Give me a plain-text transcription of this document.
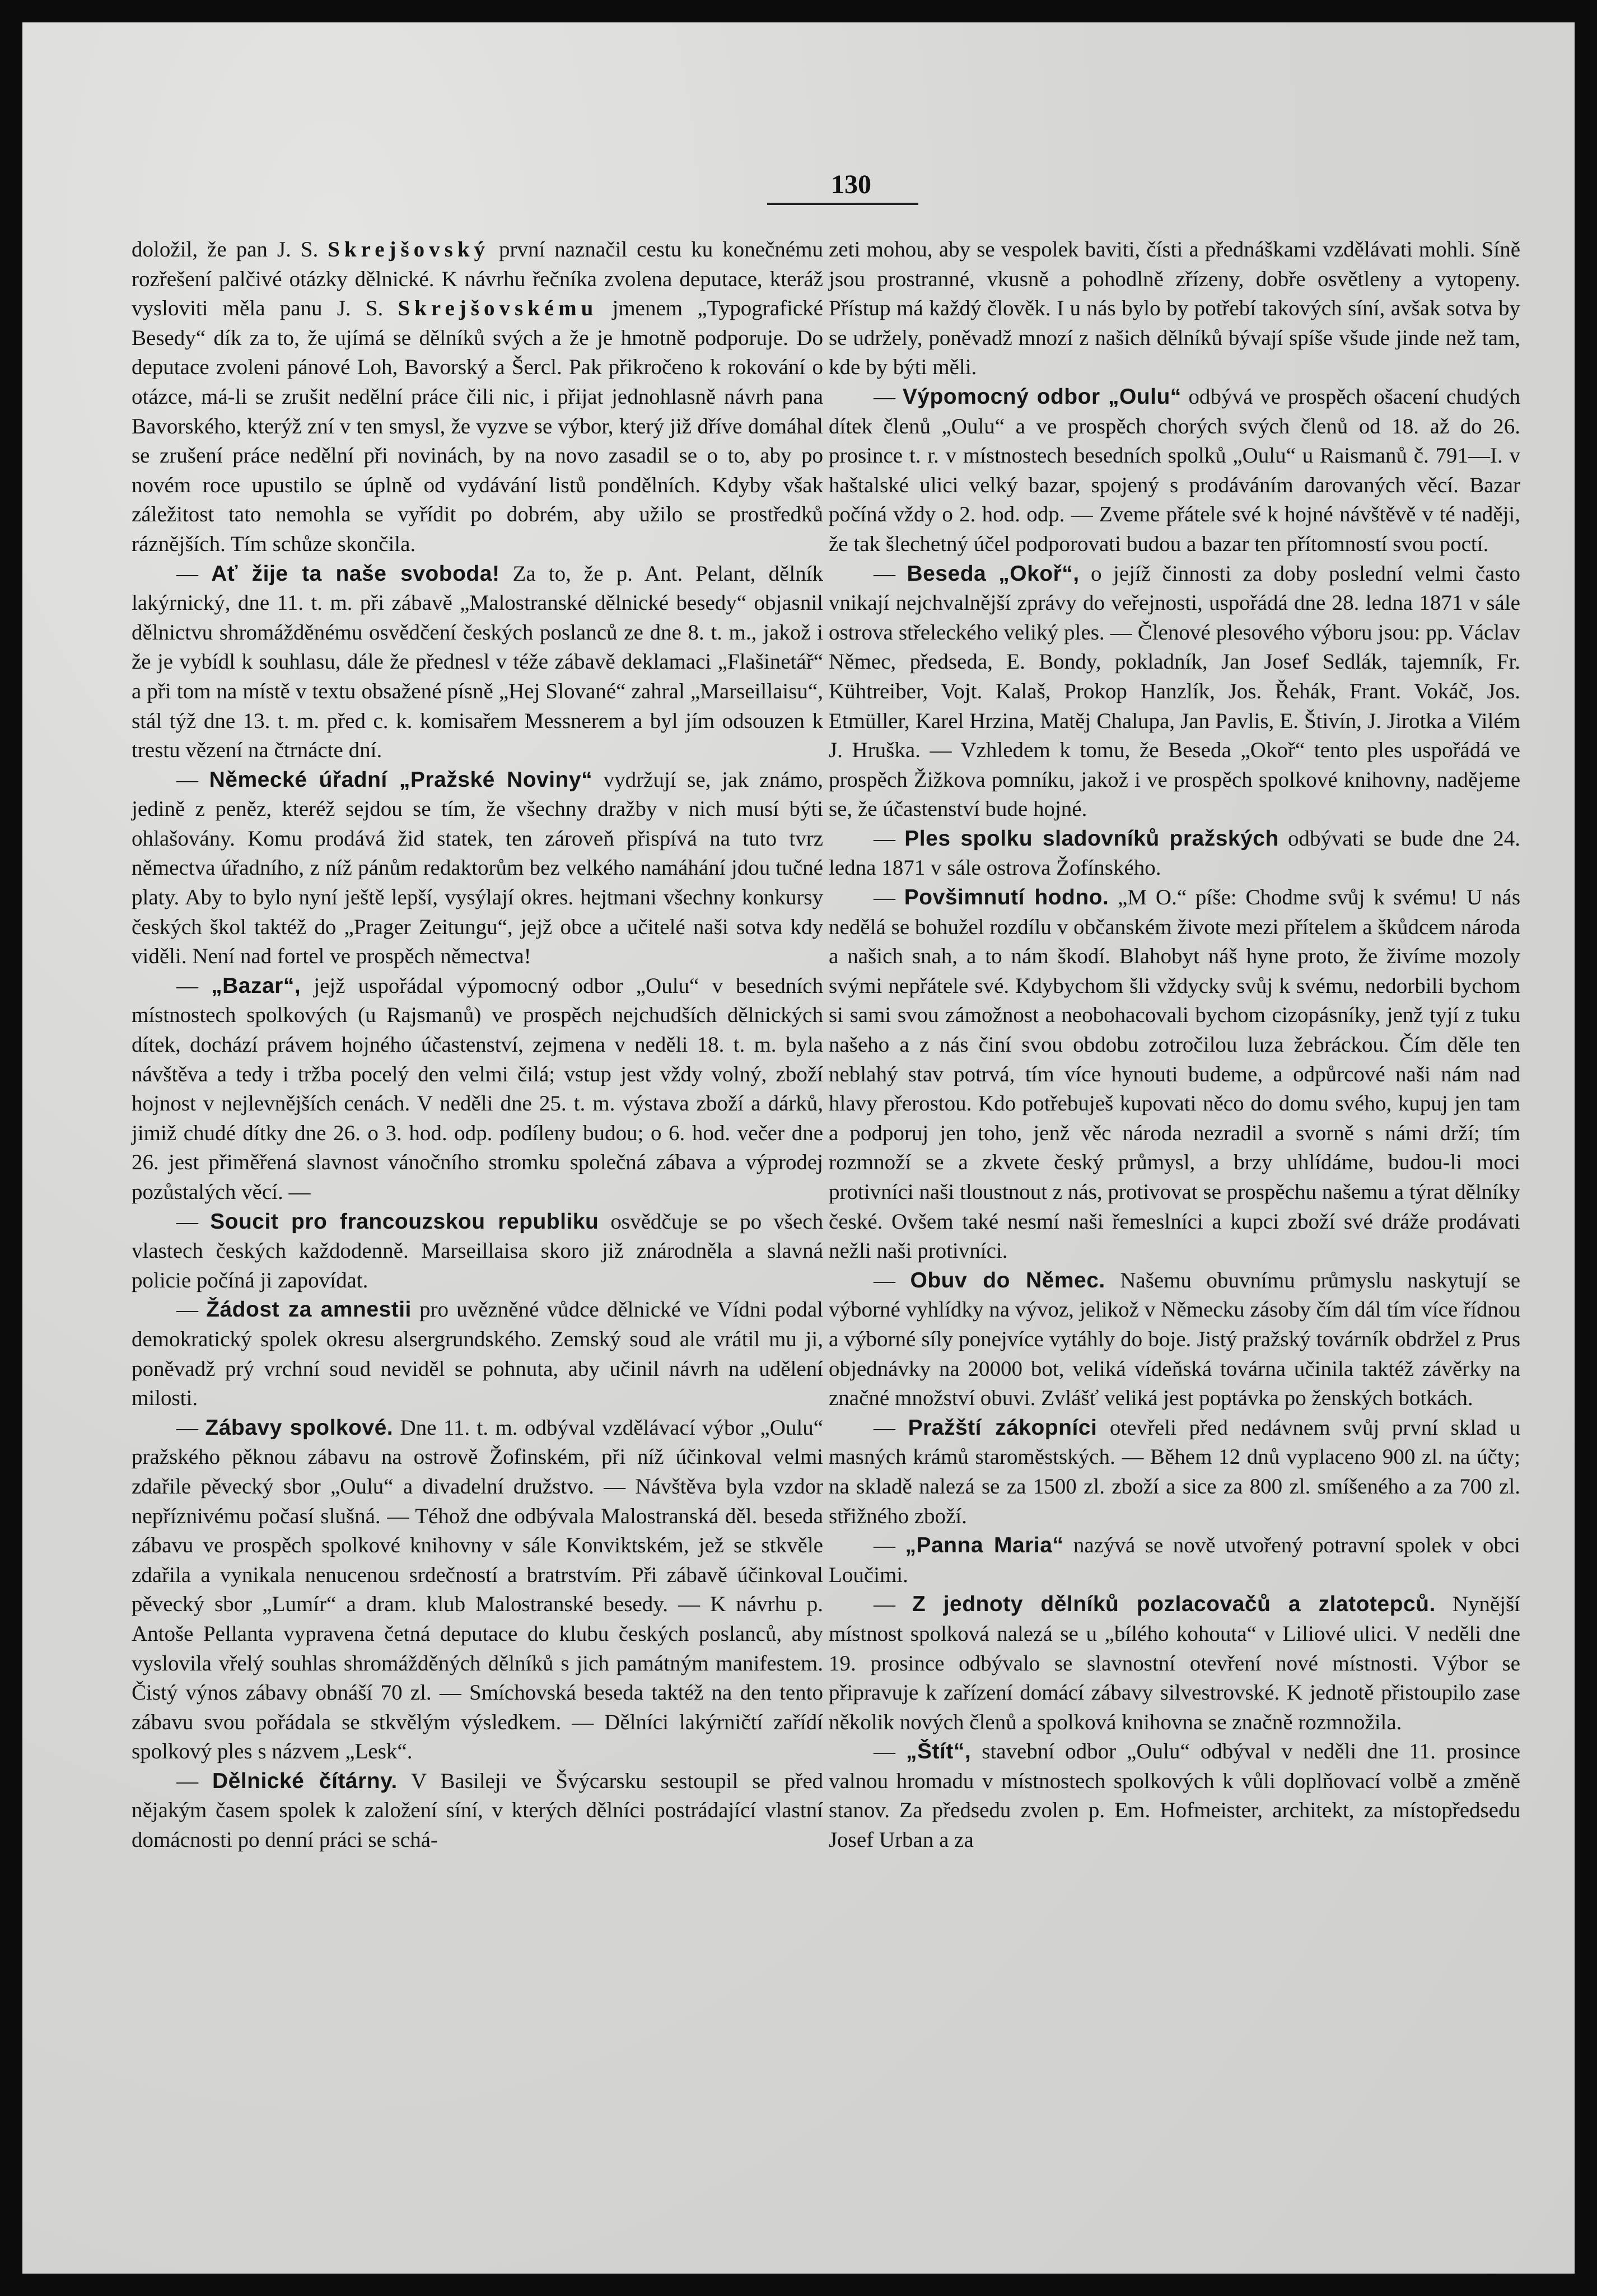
130

doložil, že pan J. S. Skrejšovský první naznačil cestu ku konečnému rozřešení palčivé otázky dělnické. K návrhu řečníka zvolena deputace, kteráž vysloviti měla panu J. S. Skrejšovskému jmenem „Typografické Besedy“ dík za to, že ujímá se dělníků svých a že je hmotně podporuje. Do deputace zvoleni pánové Loh, Bavorský a Šercl. Pak přikročeno k rokování o otázce, má-li se zrušit nedělní práce čili nic, i přijat jednohlasně návrh pana Bavorského, kterýž zní v ten smysl, že vyzve se výbor, který již dříve domáhal se zrušení práce nedělní při novinách, by na novo zasadil se o to, aby po novém roce upustilo se úplně od vydávání listů pondělních. Kdyby však záležitost tato nemohla se vyřídit po dobrém, aby užilo se prostředků ráznějších. Tím schůze skončila.

— Ať žije ta naše svoboda! Za to, že p. Ant. Pelant, dělník lakýrnický, dne 11. t. m. při zábavě „Malostranské dělnické besedy“ objasnil dělnictvu shromážděnému osvědčení českých poslanců ze dne 8. t. m., jakož i že je vybídl k souhlasu, dále že přednesl v téže zábavě deklamaci „Flašinetář“ a při tom na místě v textu obsažené písně „Hej Slované“ zahral „Marseillaisu“, stál týž dne 13. t. m. před c. k. komisařem Messnerem a byl jím odsouzen k trestu vězení na čtrnácte dní.

— Německé úřadní „Pražské Noviny“ vydržují se, jak známo, jedině z peněz, kteréž sejdou se tím, že všechny dražby v nich musí býti ohlašovány. Komu prodává žid statek, ten zároveň přispívá na tuto tvrz němectva úřadního, z níž pánům redaktorům bez velkého namáhání jdou tučné platy. Aby to bylo nyní ještě lepší, vysýlají okres. hejtmani všechny konkursy českých škol taktéž do „Prager Zeitungu“, jejž obce a učitelé naši sotva kdy viděli. Není nad fortel ve prospěch němectva!

— „Bazar“, jejž uspořádal výpomocný odbor „Oulu“ v besedních místnostech spolkových (u Rajsmanů) ve prospěch nejchudších dělnických dítek, dochází právem hojného účastenství, zejmena v neděli 18. t. m. byla návštěva a tedy i tržba pocelý den velmi čilá; vstup jest vždy volný, zboží hojnost v nejlevnějších cenách. V neděli dne 25. t. m. výstava zboží a dárků, jimiž chudé dítky dne 26. o 3. hod. odp. podíleny budou; o 6. hod. večer dne 26. jest přiměřená slavnost vánočního stromku společná zábava a výprodej pozůstalých věcí. —

— Soucit pro francouzskou republiku osvědčuje se po všech vlastech českých každodenně. Marseillaisa skoro již znárodněla a slavná policie počíná ji zapovídat.

— Žádost za amnestii pro uvězněné vůdce dělnické ve Vídni podal demokratický spolek okresu alsergrundského. Zemský soud ale vrátil mu ji, poněvadž prý vrchní soud neviděl se pohnuta, aby učinil návrh na udělení milosti.

— Zábavy spolkové. Dne 11. t. m. odbýval vzdělávací výbor „Oulu“ pražského pěknou zábavu na ostrově Žofinském, při níž účinkoval velmi zdařile pěvecký sbor „Oulu“ a divadelní družstvo. — Návštěva byla vzdor nepříznivému počasí slušná. — Téhož dne odbývala Malostranská děl. beseda zábavu ve prospěch spolkové knihovny v sále Konviktském, jež se stkvěle zdařila a vynikala nenucenou srdečností a bratrstvím. Při zábavě účinkoval pěvecký sbor „Lumír“ a dram. klub Malostranské besedy. — K návrhu p. Antoše Pellanta vypravena četná deputace do klubu českých poslanců, aby vyslovila vřelý souhlas shromážděných dělníků s jich památným manifestem. Čistý výnos zábavy obnáší 70 zl. — Smíchovská beseda taktéž na den tento zábavu svou pořádala se stkvělým výsledkem. — Dělníci lakýrničtí zařídí spolkový ples s názvem „Lesk“.

— Dělnické čítárny. V Basileji ve Švýcarsku sestoupil se před nějakým časem spolek k založení síní, v kterých dělníci postrádající vlastní domácnosti po denní práci se schá-

zeti mohou, aby se vespolek baviti, čísti a přednáškami vzdělávati mohli. Síně jsou prostranné, vkusně a pohodlně zřízeny, dobře osvětleny a vytopeny. Přístup má každý člověk. I u nás bylo by potřebí takových síní, avšak sotva by se udržely, poněvadž mnozí z našich dělníků bývají spíše všude jinde než tam, kde by býti měli.

— Výpomocný odbor „Oulu“ odbývá ve prospěch ošacení chudých dítek členů „Oulu“ a ve prospěch chorých svých členů od 18. až do 26. prosince t. r. v místnostech besedních spolků „Oulu“ u Raismanů č. 791—I. v haštalské ulici velký bazar, spojený s prodáváním darovaných věcí. Bazar počíná vždy o 2. hod. odp. — Zveme přátele své k hojné návštěvě v té naději, že tak šlechetný účel podporovati budou a bazar ten přítomností svou poctí.

— Beseda „Okoř“, o jejíž činnosti za doby poslední velmi často vnikají nejchvalnější zprávy do veřejnosti, uspořádá dne 28. ledna 1871 v sále ostrova střeleckého veliký ples. — Členové plesového výboru jsou: pp. Václav Němec, předseda, E. Bondy, pokladník, Jan Josef Sedlák, tajemník, Fr. Kühtreiber, Vojt. Kalaš, Prokop Hanzlík, Jos. Řehák, Frant. Vokáč, Jos. Etmüller, Karel Hrzina, Matěj Chalupa, Jan Pavlis, E. Štivín, J. Jirotka a Vilém J. Hruška. — Vzhledem k tomu, že Beseda „Okoř“ tento ples uspořádá ve prospěch Žižkova pomníku, jakož i ve prospěch spolkové knihovny, nadějeme se, že účastenství bude hojné.

— Ples spolku sladovníků pražských odbývati se bude dne 24. ledna 1871 v sále ostrova Žofínského.

— Povšimnutí hodno. „M O.“ píše: Chodme svůj k svému! U nás nedělá se bohužel rozdílu v občanském živote mezi přítelem a škůdcem národa a našich snah, a to nám škodí. Blahobyt náš hyne proto, že živíme mozoly svými nepřátele své. Kdybychom šli vždycky svůj k svému, nedorbili bychom si sami svou zámožnost a neobohacovali bychom cizopásníky, jenž tyjí z tuku našeho a z nás činí svou obdobu zotročilou luza žebráckou. Čím děle ten neblahý stav potrvá, tím více hynouti budeme, a odpůrcové naši nám nad hlavy přerostou. Kdo potřebuješ kupovati něco do domu svého, kupuj jen tam a podporuj jen toho, jenž věc národa nezradil a svorně s námi drží; tím rozmnoží se a zkvete český průmysl, a brzy uhlídáme, budou-li moci protivníci naši tloustnout z nás, protivovat se prospěchu našemu a týrat dělníky české. Ovšem také nesmí naši řemeslníci a kupci zboží své dráže prodávati nežli naši protivníci.

— Obuv do Němec. Našemu obuvnímu průmyslu naskytují se výborné vyhlídky na vývoz, jelikož v Německu zásoby čím dál tím více řídnou a výborné síly ponejvíce vytáhly do boje. Jistý pražský továrník obdržel z Prus objednávky na 20000 bot, veliká vídeňská továrna učinila taktéž závěrky na značné množství obuvi. Zvlášť veliká jest poptávka po ženských botkách.

— Pražští zákopníci otevřeli před nedávnem svůj první sklad u masných krámů staroměstských. — Během 12 dnů vyplaceno 900 zl. na účty; na skladě nalezá se za 1500 zl. zboží a sice za 800 zl. smíšeného a za 700 zl. střižného zboží.

— „Panna Maria“ nazývá se nově utvořený potravní spolek v obci Loučimi.

— Z jednoty dělníků pozlacovačů a zlatotepců. Nynější místnost spolková nalezá se u „bílého kohouta“ v Liliové ulici. V neděli dne 19. prosince odbývalo se slavnostní otevření nové místnosti. Výbor se připravuje k zařízení domácí zábavy silvestrovské. K jednotě přistoupilo zase několik nových členů a spolková knihovna se značně rozmnožila.

— „Štít“, stavební odbor „Oulu“ odbýval v neděli dne 11. prosince valnou hromadu v místnostech spolkových k vůli doplňovací volbě a změně stanov. Za předsedu zvolen p. Em. Hofmeister, architekt, za místopředsedu Josef Urban a za
